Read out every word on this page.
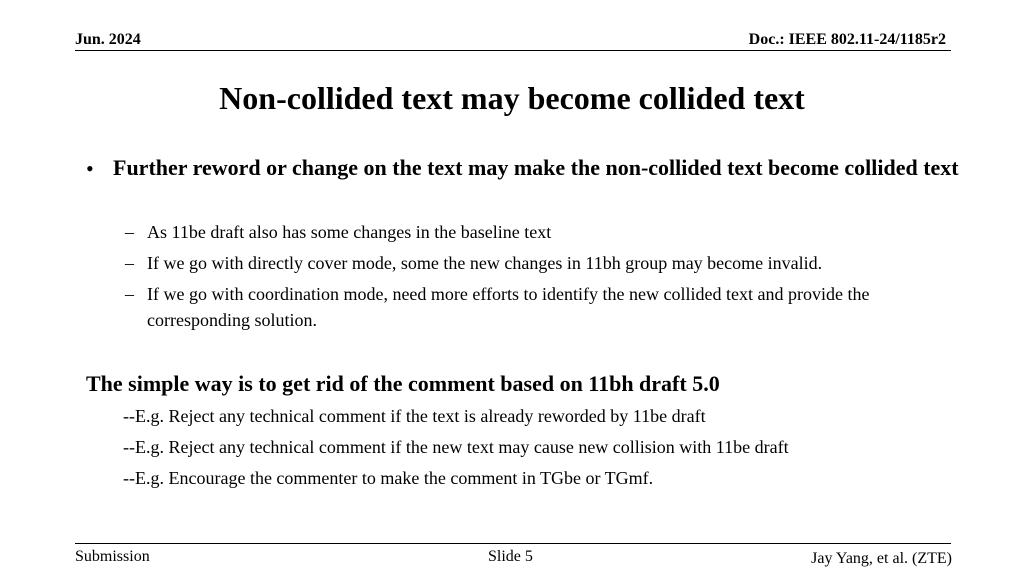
Jun. 2024	Doc.: IEEE 802.11-24/1185r2
Non-collided text may become collided text
• Further reword or change on the text may make the non-collided text become collided text
– As 11be draft also has some changes in the baseline text
– If we go with directly cover mode, some the new changes in 11bh group may become invalid.
– If we go with coordination mode, need more efforts to identify the new collided text and provide the corresponding solution.
The simple way is to get rid of the comment based on 11bh draft 5.0
--E.g. Reject any technical comment if the text is already reworded by 11be draft
--E.g. Reject any technical comment if the new text may cause new collision with 11be draft
--E.g. Encourage the commenter to make the comment in TGbe or TGmf.
Submission	Slide 5	Jay Yang, et al. (ZTE)
